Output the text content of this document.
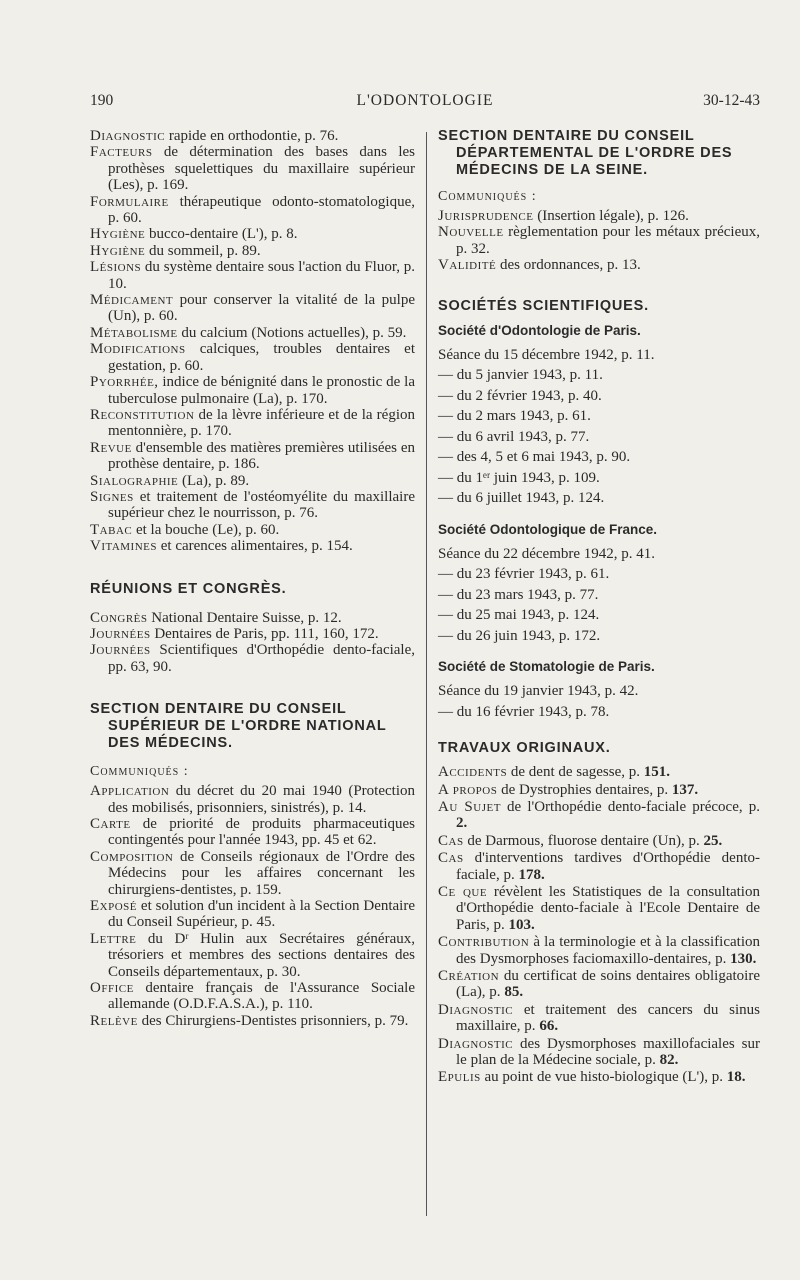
190	L'ODONTOLOGIE	30-12-43

Diagnostic rapide en orthodontie, p. 76.

Facteurs de détermination des bases dans les prothèses squelettiques du maxillaire supérieur (Les), p. 169.

Formulaire thérapeutique odonto-stomatologique, p. 60.

Hygiène bucco-dentaire (L'), p. 8.

Hygiène du sommeil, p. 89.

Lésions du système dentaire sous l'action du Fluor, p. 10.

Médicament pour conserver la vitalité de la pulpe (Un), p. 60.

Métabolisme du calcium (Notions actuelles), p. 59.

Modifications calciques, troubles dentaires et gestation, p. 60.

Pyorrhée, indice de bénignité dans le pronostic de la tuberculose pulmonaire (La), p. 170.

Reconstitution de la lèvre inférieure et de la région mentonnière, p. 170.

Revue d'ensemble des matières premières utilisées en prothèse dentaire, p. 186.

Sialographie (La), p. 89.

Signes et traitement de l'ostéomyélite du maxillaire supérieur chez le nourrisson, p. 76.

Tabac et la bouche (Le), p. 60.

Vitamines et carences alimentaires, p. 154.

RÉUNIONS ET CONGRÈS.

Congrès National Dentaire Suisse, p. 12.

Journées Dentaires de Paris, pp. 111, 160, 172.

Journées Scientifiques d'Orthopédie dento-faciale, pp. 63, 90.

SECTION DENTAIRE DU CONSEIL SUPÉRIEUR DE L'ORDRE NATIONAL DES MÉDECINS.

Communiqués :

Application du décret du 20 mai 1940 (Protection des mobilisés, prisonniers, sinistrés), p. 14.

Carte de priorité de produits pharmaceutiques contingentés pour l'année 1943, pp. 45 et 62.

Composition de Conseils régionaux de l'Ordre des Médecins pour les affaires concernant les chirurgiens-dentistes, p. 159.

Exposé et solution d'un incident à la Section Dentaire du Conseil Supérieur, p. 45.

Lettre du Dʳ Hulin aux Secrétaires généraux, trésoriers et membres des sections dentaires des Conseils départementaux, p. 30.

Office dentaire français de l'Assurance Sociale allemande (O.D.F.A.S.A.), p. 110.

Relève des Chirurgiens-Dentistes prisonniers, p. 79.

SECTION DENTAIRE DU CONSEIL DÉPARTEMENTAL DE L'ORDRE DES MÉDECINS DE LA SEINE.

Communiqués :

Jurisprudence (Insertion légale), p. 126.

Nouvelle règlementation pour les métaux précieux, p. 32.

Validité des ordonnances, p. 13.

SOCIÉTÉS SCIENTIFIQUES.

Société d'Odontologie de Paris.

Séance du 15 décembre 1942, p. 11.

— du 5 janvier 1943, p. 11.

— du 2 février 1943, p. 40.

— du 2 mars 1943, p. 61.

— du 6 avril 1943, p. 77.

— des 4, 5 et 6 mai 1943, p. 90.

— du 1ᵉʳ juin 1943, p. 109.

— du 6 juillet 1943, p. 124.

Société Odontologique de France.

Séance du 22 décembre 1942, p. 41.

— du 23 février 1943, p. 61.

— du 23 mars 1943, p. 77.

— du 25 mai 1943, p. 124.

— du 26 juin 1943, p. 172.

Société de Stomatologie de Paris.

Séance du 19 janvier 1943, p. 42.

— du 16 février 1943, p. 78.

TRAVAUX ORIGINAUX.

Accidents de dent de sagesse, p. 151.

A propos de Dystrophies dentaires, p. 137.

Au Sujet de l'Orthopédie dento-faciale précoce, p. 2.

Cas de Darmous, fluorose dentaire (Un), p. 25.

Cas d'interventions tardives d'Orthopédie dento-faciale, p. 178.

Ce que révèlent les Statistiques de la consultation d'Orthopédie dento-faciale à l'Ecole Dentaire de Paris, p. 103.

Contribution à la terminologie et à la classification des Dysmorphoses faciomaxillo-dentaires, p. 130.

Création du certificat de soins dentaires obligatoire (La), p. 85.

Diagnostic et traitement des cancers du sinus maxillaire, p. 66.

Diagnostic des Dysmorphoses maxillofaciales sur le plan de la Médecine sociale, p. 82.

Epulis au point de vue histo-biologique (L'), p. 18.
